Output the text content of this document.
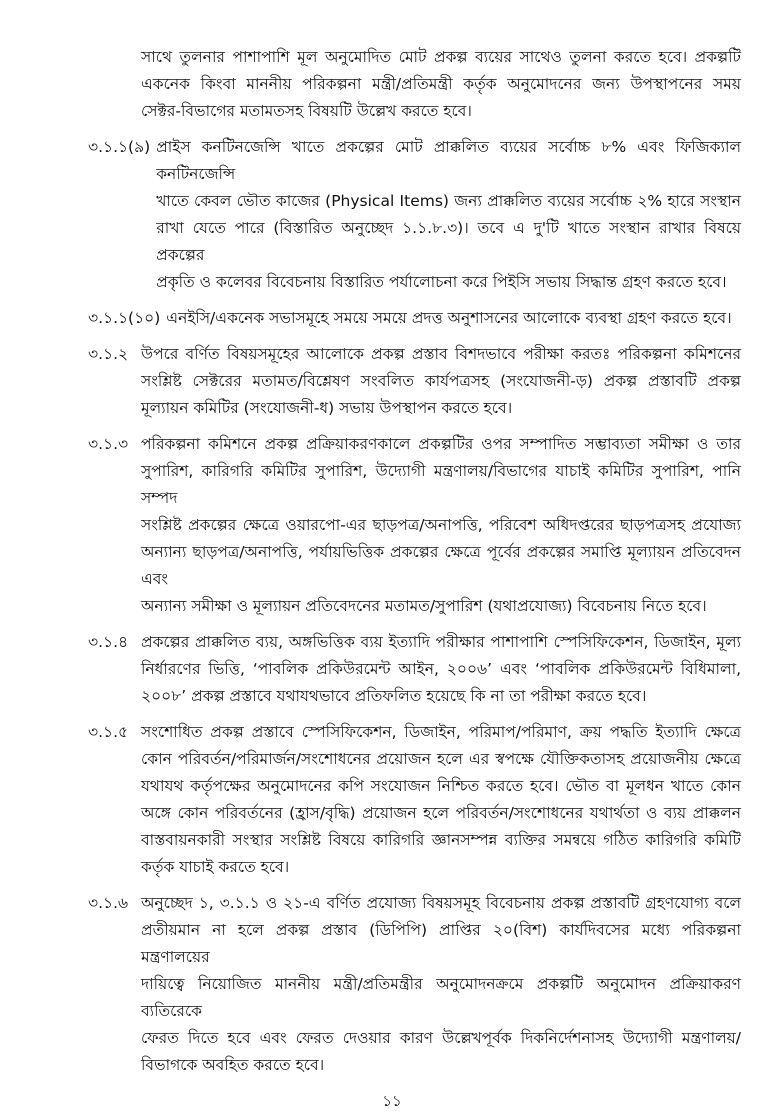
সাথে তুলনার পাশাপাশি মূল অনুমোদিত মোট প্রকল্প ব্যয়ের সাথেও তুলনা করতে হবে। প্রকল্পটি
একনেক কিংবা মাননীয় পরিকল্পনা মন্ত্রী/প্রতিমন্ত্রী কর্তৃক অনুমোদনের জন্য উপস্থাপনের সময়
সেক্টর-বিভাগের মতামতসহ বিষয়টি উল্লেখ করতে হবে।
৩.১.১(৯) প্রাইস কনটিনজেন্সি খাতে প্রকল্পের মোট প্রাক্কলিত ব্যয়ের সর্বোচ্চ ৮% এবং ফিজিক্যাল কনটিনজেন্সি
খাতে কেবল ভৌত কাজের (Physical Items) জন্য প্রাক্কলিত ব্যয়ের সর্বোচ্চ ২% হারে সংস্থান
রাখা যেতে পারে (বিস্তারিত অনুচ্ছেদ ১.১.৮.৩)। তবে এ দু'টি খাতে সংস্থান রাখার বিষয়ে প্রকল্পের
প্রকৃতি ও কলেবর বিবেচনায় বিস্তারিত পর্যালোচনা করে পিইসি সভায় সিদ্ধান্ত গ্রহণ করতে হবে।
৩.১.১(১০) এনইসি/একনেক সভাসমূহে সময়ে সময়ে প্রদত্ত অনুশাসনের আলোকে ব্যবস্থা গ্রহণ করতে হবে।
৩.১.২ উপরে বর্ণিত বিষয়সমূহের আলোকে প্রকল্প প্রস্তাব বিশদভাবে পরীক্ষা করতঃ পরিকল্পনা কমিশনের
সংশ্লিষ্ট সেক্টরের মতামত/বিশ্লেষণ সংবলিত কার্যপত্রসহ (সংযোজনী-ড়) প্রকল্প প্রস্তাবটি প্রকল্প
মূল্যায়ন কমিটির (সংযোজনী-ধ) সভায় উপস্থাপন করতে হবে।
৩.১.৩ পরিকল্পনা কমিশনে প্রকল্প প্রক্রিয়াকরণকালে প্রকল্পটির ওপর সম্পাদিত সম্ভাব্যতা সমীক্ষা ও তার
সুপারিশ, কারিগরি কমিটির সুপারিশ, উদ্যোগী মন্ত্রণালয়/বিভাগের যাচাই কমিটির সুপারিশ, পানি সম্পদ
সংশ্লিষ্ট প্রকল্পের ক্ষেত্রে ওয়ারপো-এর ছাড়পত্র/অনাপত্তি, পরিবেশ অধিদপ্তরের ছাড়পত্রসহ প্রযোজ্য
অন্যান্য ছাড়পত্র/অনাপত্তি, পর্যায়ভিত্তিক প্রকল্পের ক্ষেত্রে পূর্বের প্রকল্পের সমাপ্তি মূল্যায়ন প্রতিবেদন এবং
অন্যান্য সমীক্ষা ও মূল্যায়ন প্রতিবেদনের মতামত/সুপারিশ (যথাপ্রযোজ্য) বিবেচনায় নিতে হবে।
৩.১.৪ প্রকল্পের প্রাক্কলিত ব্যয়, অঙ্গভিত্তিক ব্যয় ইত্যাদি পরীক্ষার পাশাপাশি স্পেসিফিকেশন, ডিজাইন, মূল্য
নির্ধারণের ভিত্তি, ‘পাবলিক প্রকিউরমেন্ট আইন, ২০০৬’ এবং ‘পাবলিক প্রকিউরমেন্ট বিধিমালা,
২০০৮’ প্রকল্প প্রস্তাবে যথাযথভাবে প্রতিফলিত হয়েছে কি না তা পরীক্ষা করতে হবে।
৩.১.৫ সংশোধিত প্রকল্প প্রস্তাবে স্পেসিফিকেশন, ডিজাইন, পরিমাপ/পরিমাণ, ক্রয় পদ্ধতি ইত্যাদি ক্ষেত্রে
কোন পরিবর্তন/পরিমার্জন/সংশোধনের প্রয়োজন হলে এর স্বপক্ষে যৌক্তিকতাসহ প্রয়োজনীয় ক্ষেত্রে
যথাযথ কর্তৃপক্ষের অনুমোদনের কপি সংযোজন নিশ্চিত করতে হবে। ভৌত বা মূলধন খাতে কোন
অঙ্গে কোন পরিবর্তনের (হ্রাস/বৃদ্ধি) প্রয়োজন হলে পরিবর্তন/সংশোধনের যথার্থতা ও ব্যয় প্রাক্কলন
বাস্তবায়নকারী সংস্থার সংশ্লিষ্ট বিষয়ে কারিগরি জ্ঞানসম্পন্ন ব্যক্তির সমন্বয়ে গঠিত কারিগরি কমিটি
কর্তৃক যাচাই করতে হবে।
৩.১.৬ অনুচ্ছেদ ১, ৩.১.১ ও ২১-এ বর্ণিত প্রযোজ্য বিষয়সমূহ বিবেচনায় প্রকল্প প্রস্তাবটি গ্রহণযোগ্য বলে
প্রতীয়মান না হলে প্রকল্প প্রস্তাব (ডিপিপি) প্রাপ্তির ২০(বিশ) কার্যদিবসের মধ্যে পরিকল্পনা মন্ত্রণালয়ের
দায়িত্বে নিয়োজিত মাননীয় মন্ত্রী/প্রতিমন্ত্রীর অনুমোদনক্রমে প্রকল্পটি অনুমোদন প্রক্রিয়াকরণ ব্যতিরেকে
ফেরত দিতে হবে এবং ফেরত দেওয়ার কারণ উল্লেখপূর্বক দিকনির্দেশনাসহ উদ্যোগী মন্ত্রণালয়/
বিভাগকে অবহিত করতে হবে।
১১
